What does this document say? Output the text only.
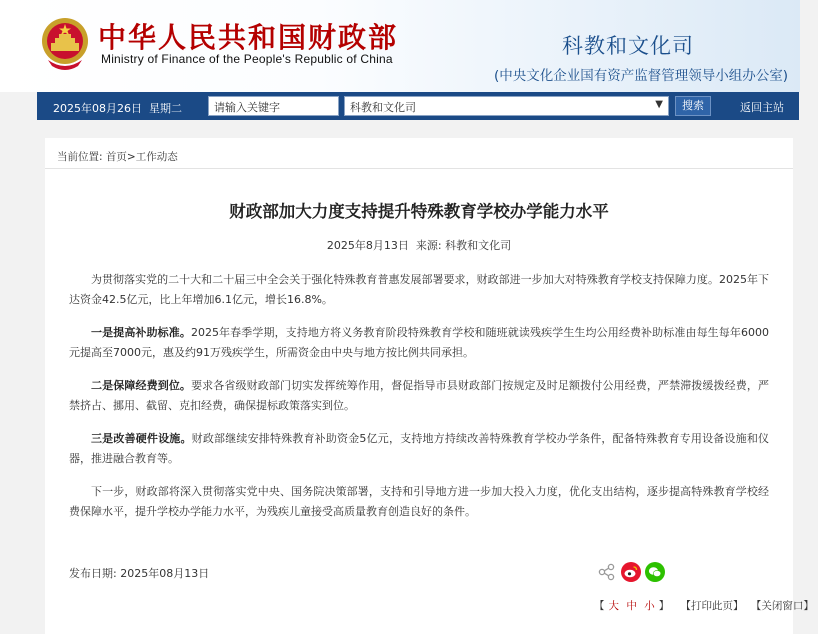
中华人民共和国财政部
Ministry of Finance of the People's Republic of China
科教和文化司
(中央文化企业国有资产监督管理领导小组办公室)
2025年08月26日 星期二	请输入关键字	科教和文化司	▼	搜索	返回主站
当前位置: 首页>工作动态
财政部加大力度支持提升特殊教育学校办学能力水平
2025年8月13日 来源: 科教和文化司

为贯彻落实党的二十大和二十届三中全会关于强化特殊教育普惠发展部署要求，财政部进一步加大对特殊教育学校支持保障力度。2025年下达资金42.5亿元，比上年增加6.1亿元，增长16.8%。

一是提高补助标准。2025年春季学期，支持地方将义务教育阶段特殊教育学校和随班就读残疾学生生均公用经费补助标准由每生每年6000元提高至7000元，惠及约91万残疾学生，所需资金由中央与地方按比例共同承担。

二是保障经费到位。要求各省级财政部门切实发挥统筹作用，督促指导市县财政部门按规定及时足额拨付公用经费，严禁滞拨缓拨经费，严禁挤占、挪用、截留、克扣经费，确保提标政策落实到位。

三是改善硬件设施。财政部继续安排特殊教育补助资金5亿元，支持地方持续改善特殊教育学校办学条件，配备特殊教育专用设备设施和仪器，推进融合教育等。

下一步，财政部将深入贯彻落实党中央、国务院决策部署，支持和引导地方进一步加大投入力度，优化支出结构，逐步提高特殊教育学校经费保障水平，提升学校办学能力水平，为残疾儿童接受高质量教育创造良好的条件。

发布日期: 2025年08月13日
【 大 中 小 】 【打印此页】 【关闭窗口】
